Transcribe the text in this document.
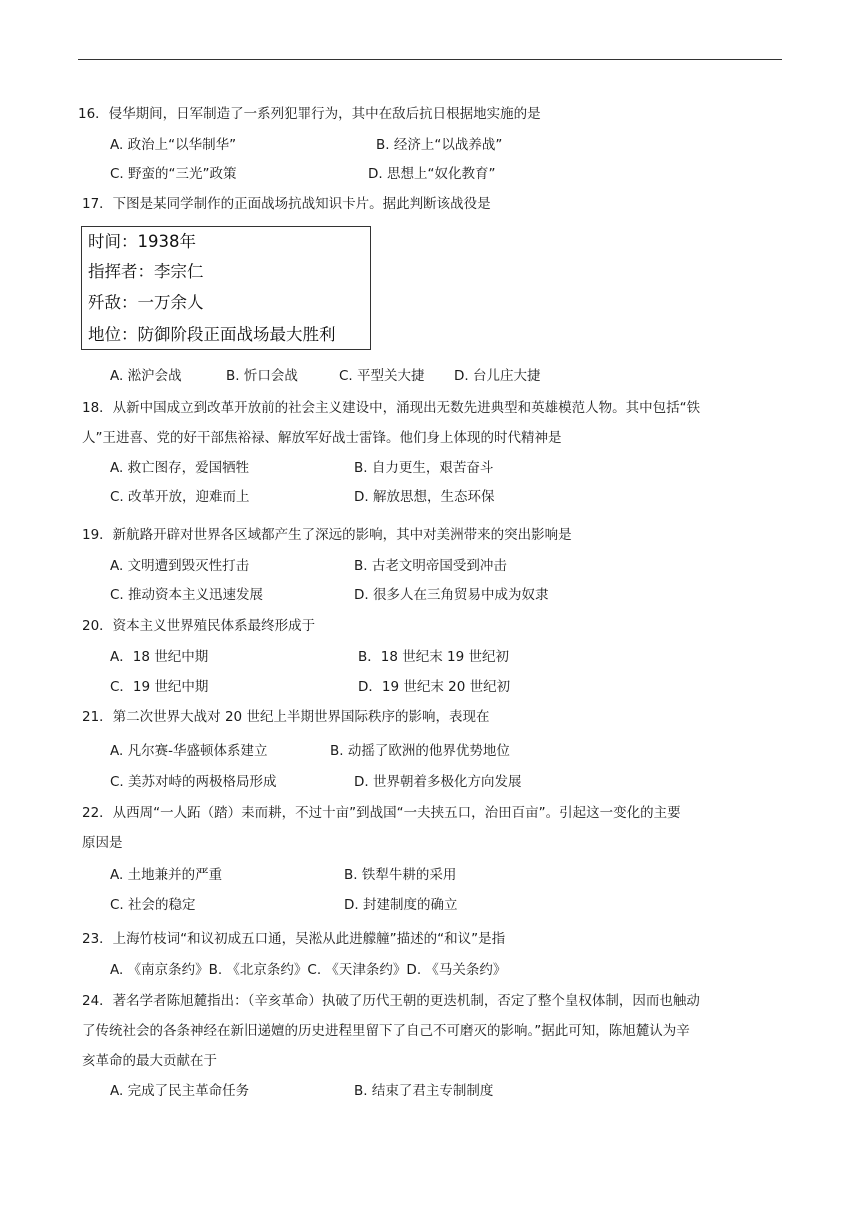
16．侵华期间，日军制造了一系列犯罪行为，其中在敌后抗日根据地实施的是
A. 政治上“以华制华”	B. 经济上“以战养战”
C. 野蛮的“三光”政策	D. 思想上“奴化教育”
17．下图是某同学制作的正面战场抗战知识卡片。据此判断该战役是
时间：1938年
指挥者：李宗仁
歼敌：一万余人
地位：防御阶段正面战场最大胜利
A. 淞沪会战	B. 忻口会战	C. 平型关大捷 D. 台儿庄大捷
18．从新中国成立到改革开放前的社会主义建设中，涌现出无数先进典型和英雄模范人物。其中包括“铁
人”王进喜、党的好干部焦裕禄、解放军好战士雷锋。他们身上体现的时代精神是
A. 救亡图存，爱国牺牲	B. 自力更生，艰苦奋斗
C. 改革开放，迎难而上	D. 解放思想，生态环保
19．新航路开辟对世界各区域都产生了深远的影响，其中对美洲带来的突出影响是
A. 文明遭到毁灭性打击	B. 古老文明帝国受到冲击
C. 推动资本主义迅速发展	D. 很多人在三角贸易中成为奴隶
20．资本主义世界殖民体系最终形成于
A．18 世纪中期	B．18 世纪末 19 世纪初
C．19 世纪中期	D．19 世纪末 20 世纪初
21．第二次世界大战对 20 世纪上半期世界国际秩序的影响，表现在
A. 凡尔赛-华盛顿体系建立	B. 动摇了欧洲的他界优势地位
C. 美苏对峙的两极格局形成	D. 世界朝着多极化方向发展
22．从西周“一人跖（踏）耒而耕，不过十亩”到战国“一夫挟五口，治田百亩”。引起这一变化的主要
原因是
A. 土地兼并的严重	B. 铁犁牛耕的采用
C. 社会的稳定	D. 封建制度的确立
23．上海竹枝词“和议初成五口通，吴淞从此进艨艟”描述的“和议”是指
A. 《南京条约》B. 《北京条约》C. 《天津条约》D. 《马关条约》
24．著名学者陈旭麓指出：（辛亥革命）执破了历代王朝的更迭机制，否定了整个皇权体制，因而也触动
了传统社会的各条神经在新旧递嬗的历史进程里留下了自己不可磨灭的影响。”据此可知，陈旭麓认为辛
亥革命的最大贡献在于
A. 完成了民主革命任务	B. 结束了君主专制制度
